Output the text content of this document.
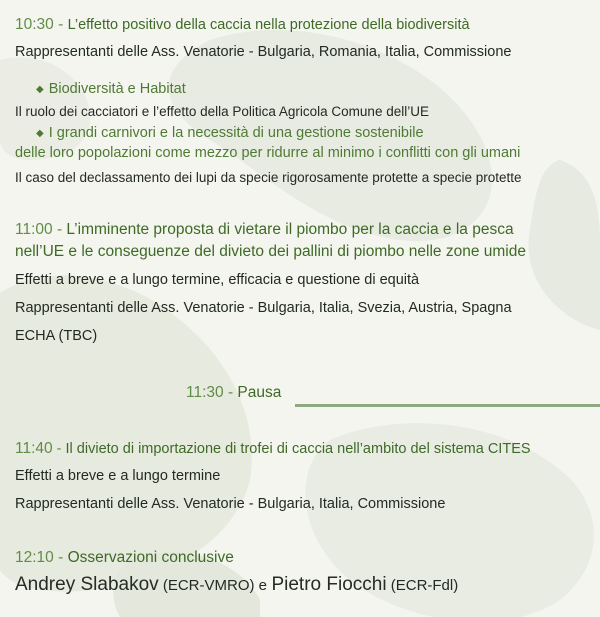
10:30 - L’effetto positivo della caccia nella protezione della biodiversità
Rappresentanti delle Ass. Venatorie - Bulgaria, Romania, Italia, Commissione
◆ Biodiversità e Habitat
Il ruolo dei cacciatori e l’effetto della Politica Agricola Comune dell’UE
◆ I grandi carnivori e la necessità di una gestione sostenibile
delle loro popolazioni come mezzo per ridurre al minimo i conflitti con gli umani
Il caso del declassamento dei lupi da specie rigorosamente protette a specie protette
11:00 - L’imminente proposta di vietare il piombo per la caccia e la pesca
nell’UE e le conseguenze del divieto dei pallini di piombo nelle zone umide
Effetti a breve e a lungo termine, efficacia e questione di equità
Rappresentanti delle Ass. Venatorie - Bulgaria, Italia, Svezia, Austria, Spagna
ECHA (TBC)
11:30 - Pausa
11:40 - Il divieto di importazione di trofei di caccia nell’ambito del sistema CITES
Effetti a breve e a lungo termine
Rappresentanti delle Ass. Venatorie - Bulgaria, Italia, Commissione
12:10 - Osservazioni conclusive
Andrey Slabakov (ECR-VMRO) e Pietro Fiocchi (ECR-Fdl)
